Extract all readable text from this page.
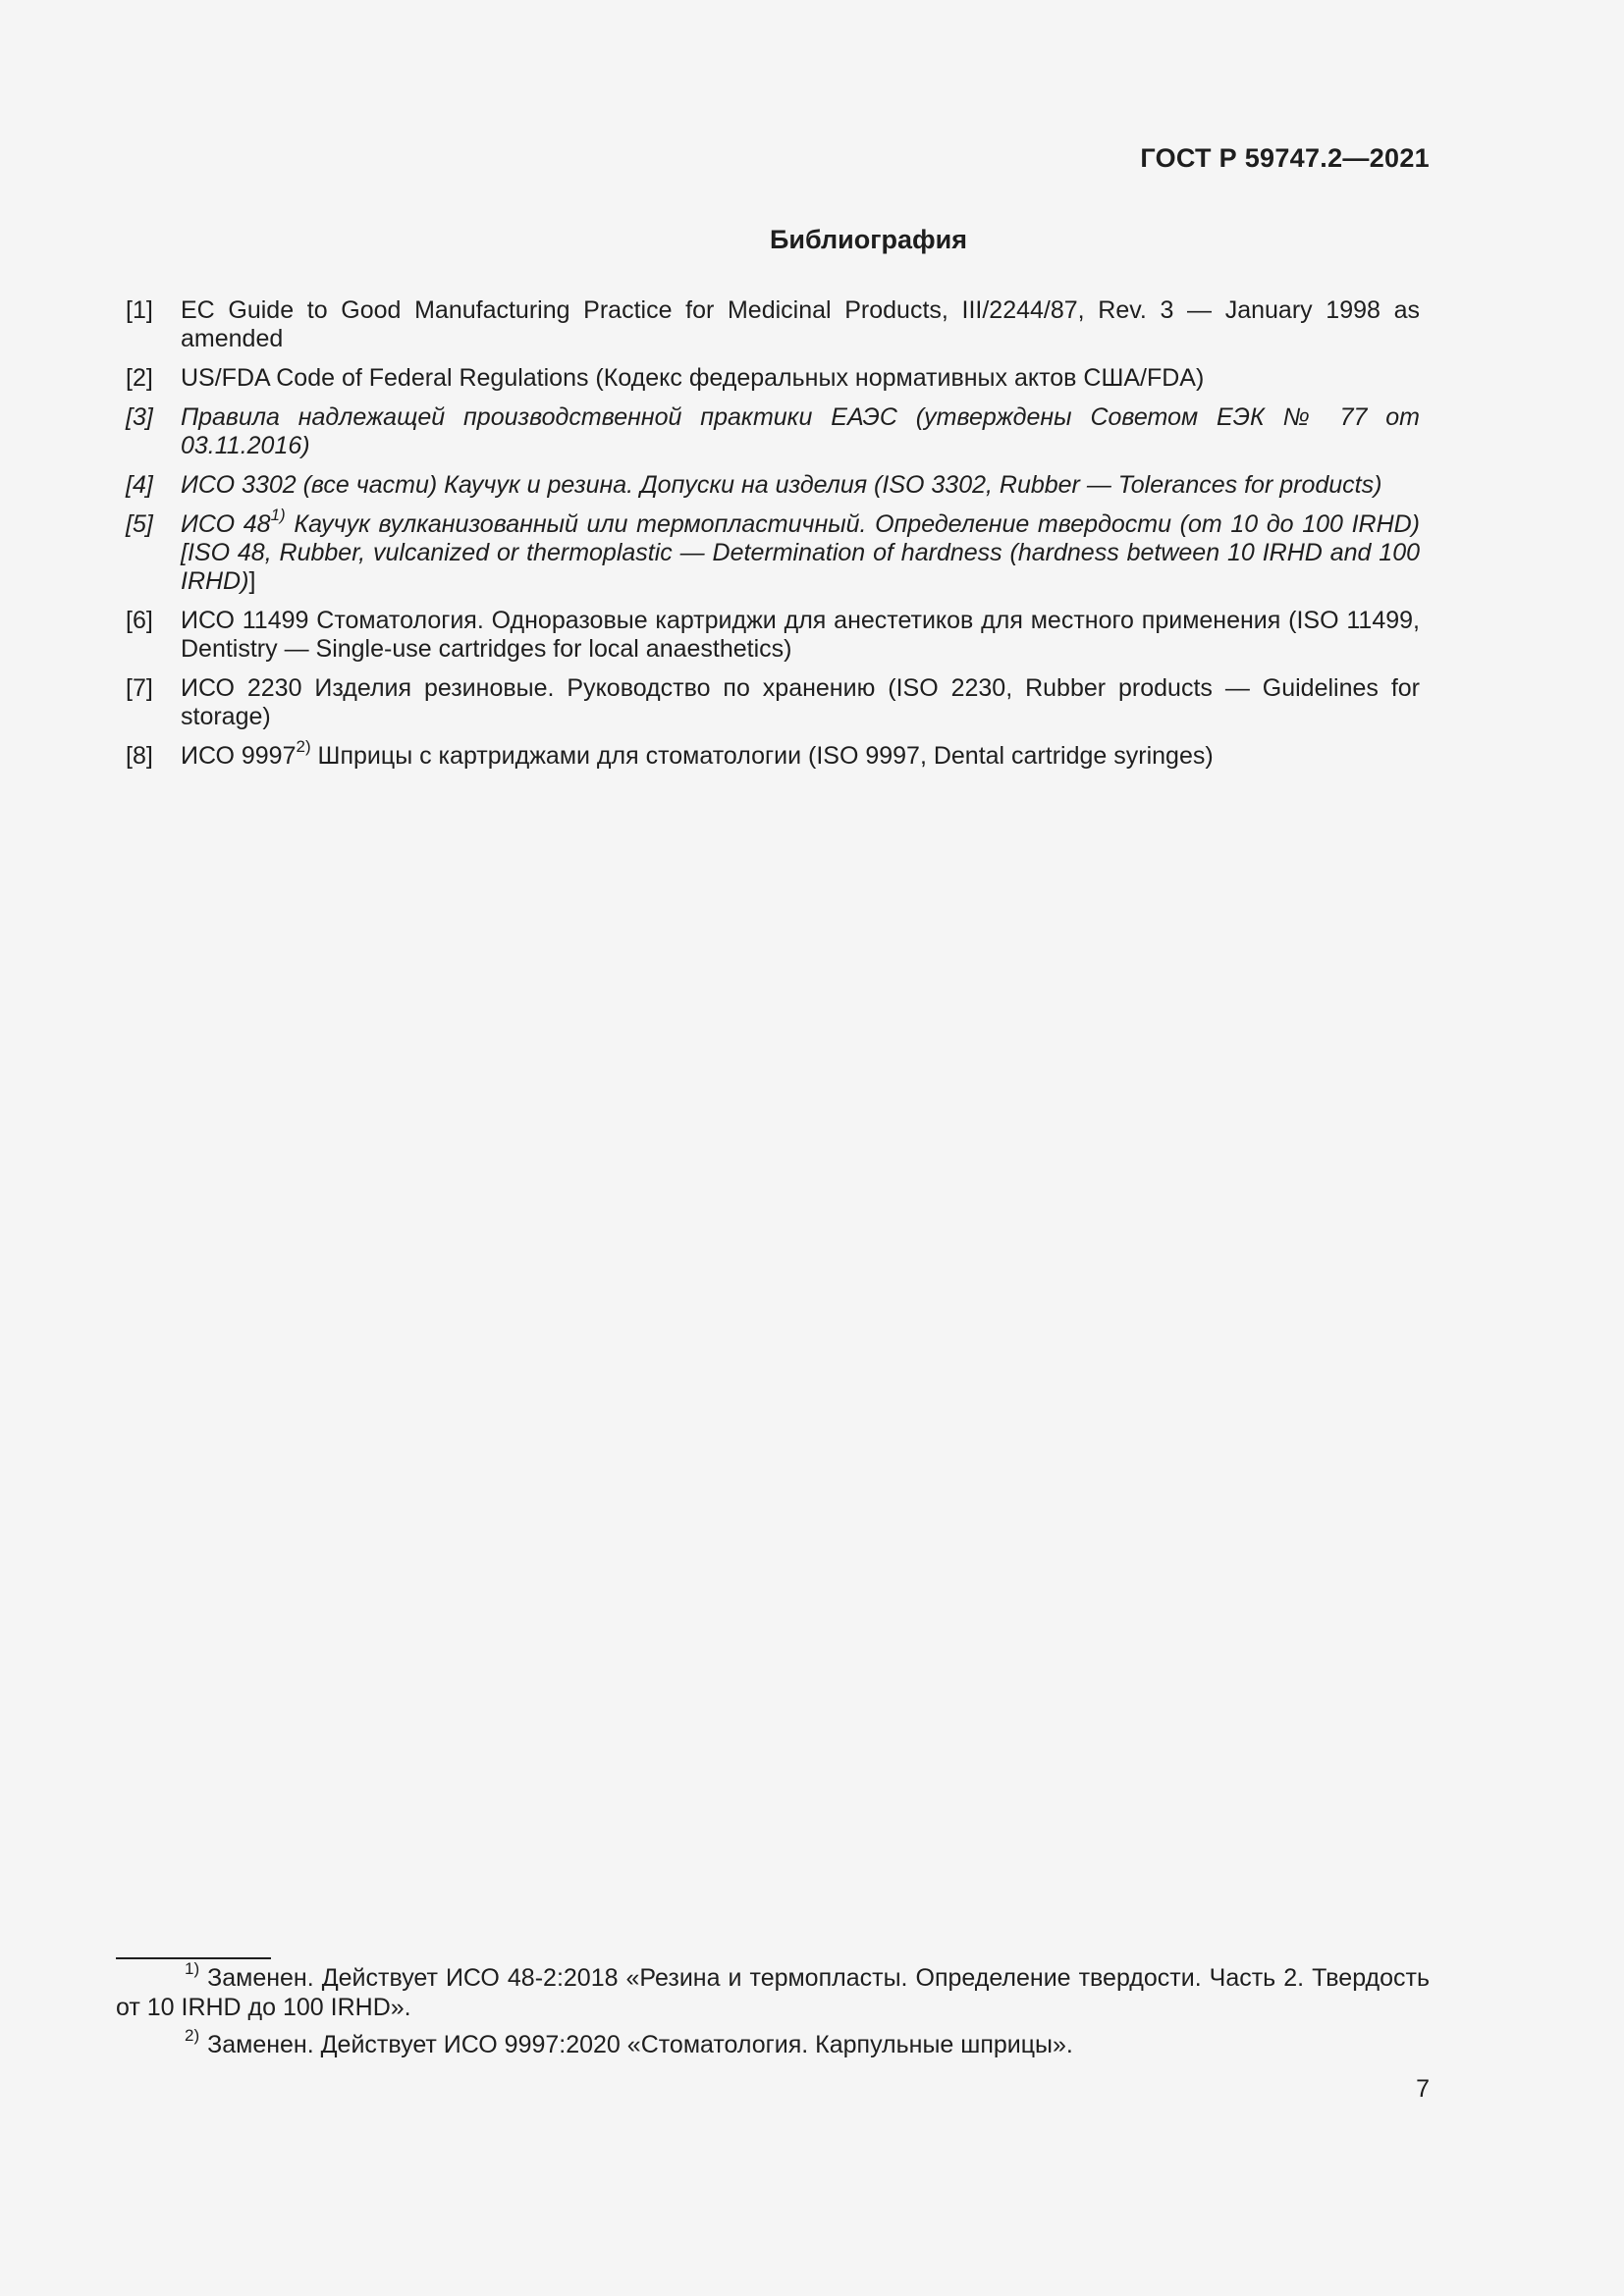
ГОСТ Р 59747.2—2021
Библиография
[1]	EC Guide to Good Manufacturing Practice for Medicinal Products, III/2244/87, Rev. 3 — January 1998 as amended
[2]	US/FDA Code of Federal Regulations (Кодекс федеральных нормативных актов США/FDA)
[3]	Правила надлежащей производственной практики ЕАЭС (утверждены Советом ЕЭК № 77 от 03.11.2016)
[4]	ИСО 3302 (все части) Каучук и резина. Допуски на изделия (ISO 3302, Rubber — Tolerances for products)
[5]	ИСО 48$^{1)}$ Каучук вулканизованный или термопластичный. Определение твердости (от 10 до 100 IRHD) [ISO 48, Rubber, vulcanized or thermoplastic — Determination of hardness (hardness between 10 IRHD and 100 IRHD)]
[6]	ИСО 11499 Стоматология. Одноразовые картриджи для анестетиков для местного применения (ISO 11499, Dentistry — Single-use cartridges for local anaesthetics)
[7]	ИСО 2230 Изделия резиновые. Руководство по хранению (ISO 2230, Rubber products — Guidelines for storage)
[8]	ИСО 9997$^{2)}$ Шприцы с картриджами для стоматологии (ISO 9997, Dental cartridge syringes)
$^{1)}$ Заменен. Действует ИСО 48-2:2018 «Резина и термопласты. Определение твердости. Часть 2. Твердость от 10 IRHD до 100 IRHD».
$^{2)}$ Заменен. Действует ИСО 9997:2020 «Стоматология. Карпульные шприцы».
7
